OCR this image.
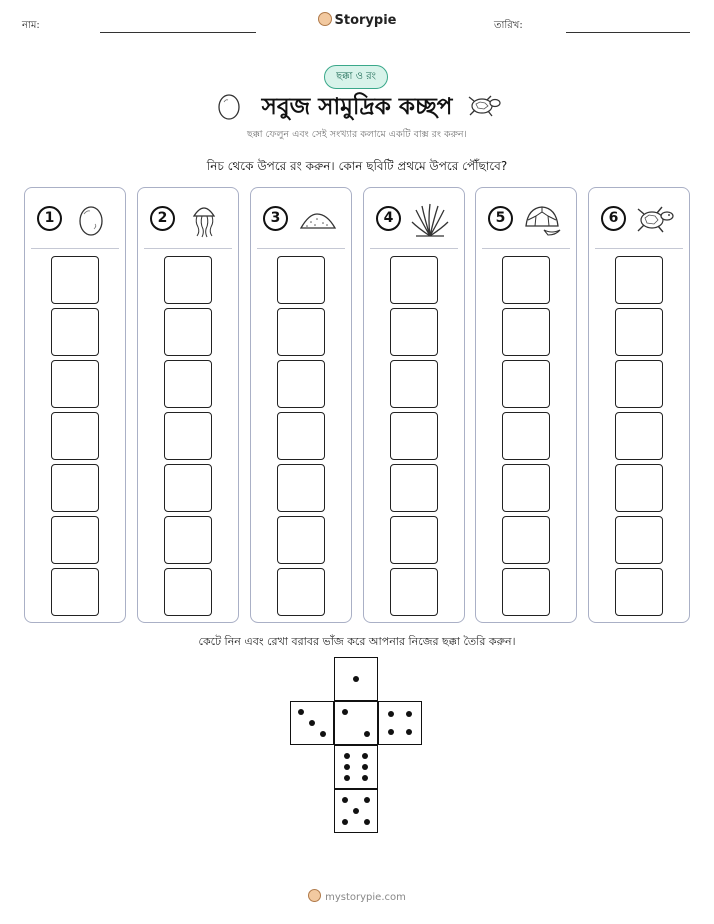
নাম:	Storypie	তারিখ:
ছক্কা ও রং
সবুজ সামুদ্রিক কচ্ছপ
ছক্কা ফেলুন এবং সেই সংখ্যার কলামে একটি বাক্স রং করুন।
নিচ থেকে উপরে রং করুন। কোন ছবিটি প্রথমে উপরে পৌঁছাবে?
1	2	3	4	5	6
কেটে নিন এবং রেখা বরাবর ভাঁজ করে আপনার নিজের ছক্কা তৈরি করুন।
mystorypie.com
